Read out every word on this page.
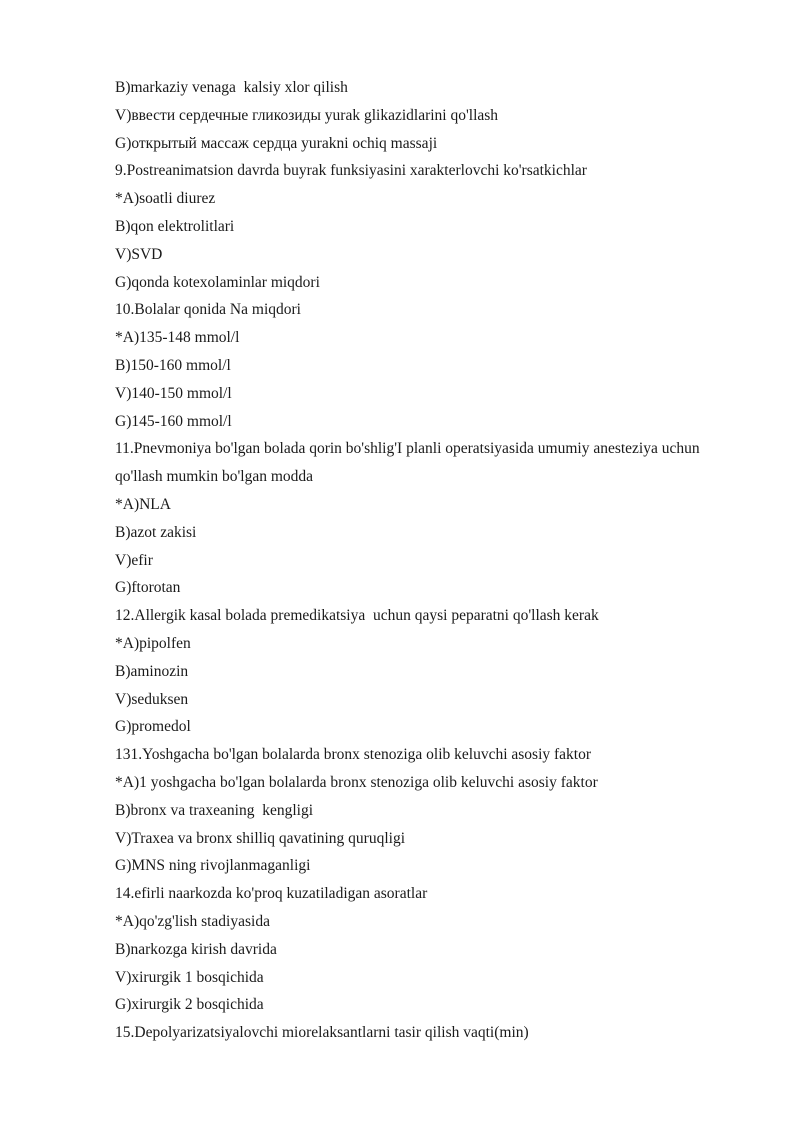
B)markaziy venaga  kalsiy xlor qilish
V)ввести сердечные гликозиды yurak glikazidlarini qo'llash
G)открытый массаж сердца yurakni ochiq massaji
9.Postreanimatsion davrda buyrak funksiyasini xarakterlovchi ko'rsatkichlar
*A)soatli diurez
B)qon elektrolitlari
V)SVD
G)qonda kotexolaminlar miqdori
10.Bolalar qonida Na miqdori
*A)135-148 mmol/l
B)150-160 mmol/l
V)140-150 mmol/l
G)145-160 mmol/l
11.Pnevmoniya bo'lgan bolada qorin bo'shlig'I planli operatsiyasida umumiy anesteziya uchun qo'llash mumkin bo'lgan modda
*A)NLA
B)azot zakisi
V)efir
G)ftorotan
12.Allergik kasal bolada premedikatsiya  uchun qaysi peparatni qo'llash kerak
*A)pipolfen
B)aminozin
V)seduksen
G)promedol
131.Yoshgacha bo'lgan bolalarda bronx stenoziga olib keluvchi asosiy faktor
*A)1 yoshgacha bo'lgan bolalarda bronx stenoziga olib keluvchi asosiy faktor
B)bronx va traxeaning  kengligi
V)Traxea va bronx shilliq qavatining quruqligi
G)MNS ning rivojlanmaganligi
14.efirli naarkozda ko'proq kuzatiladigan asoratlar
*A)qo'zg'lish stadiyasida
B)narkozga kirish davrida
V)xirurgik 1 bosqichida
G)xirurgik 2 bosqichida
15.Depolyarizatsiyalovchi miorelaksantlarni tasir qilish vaqti(min)
